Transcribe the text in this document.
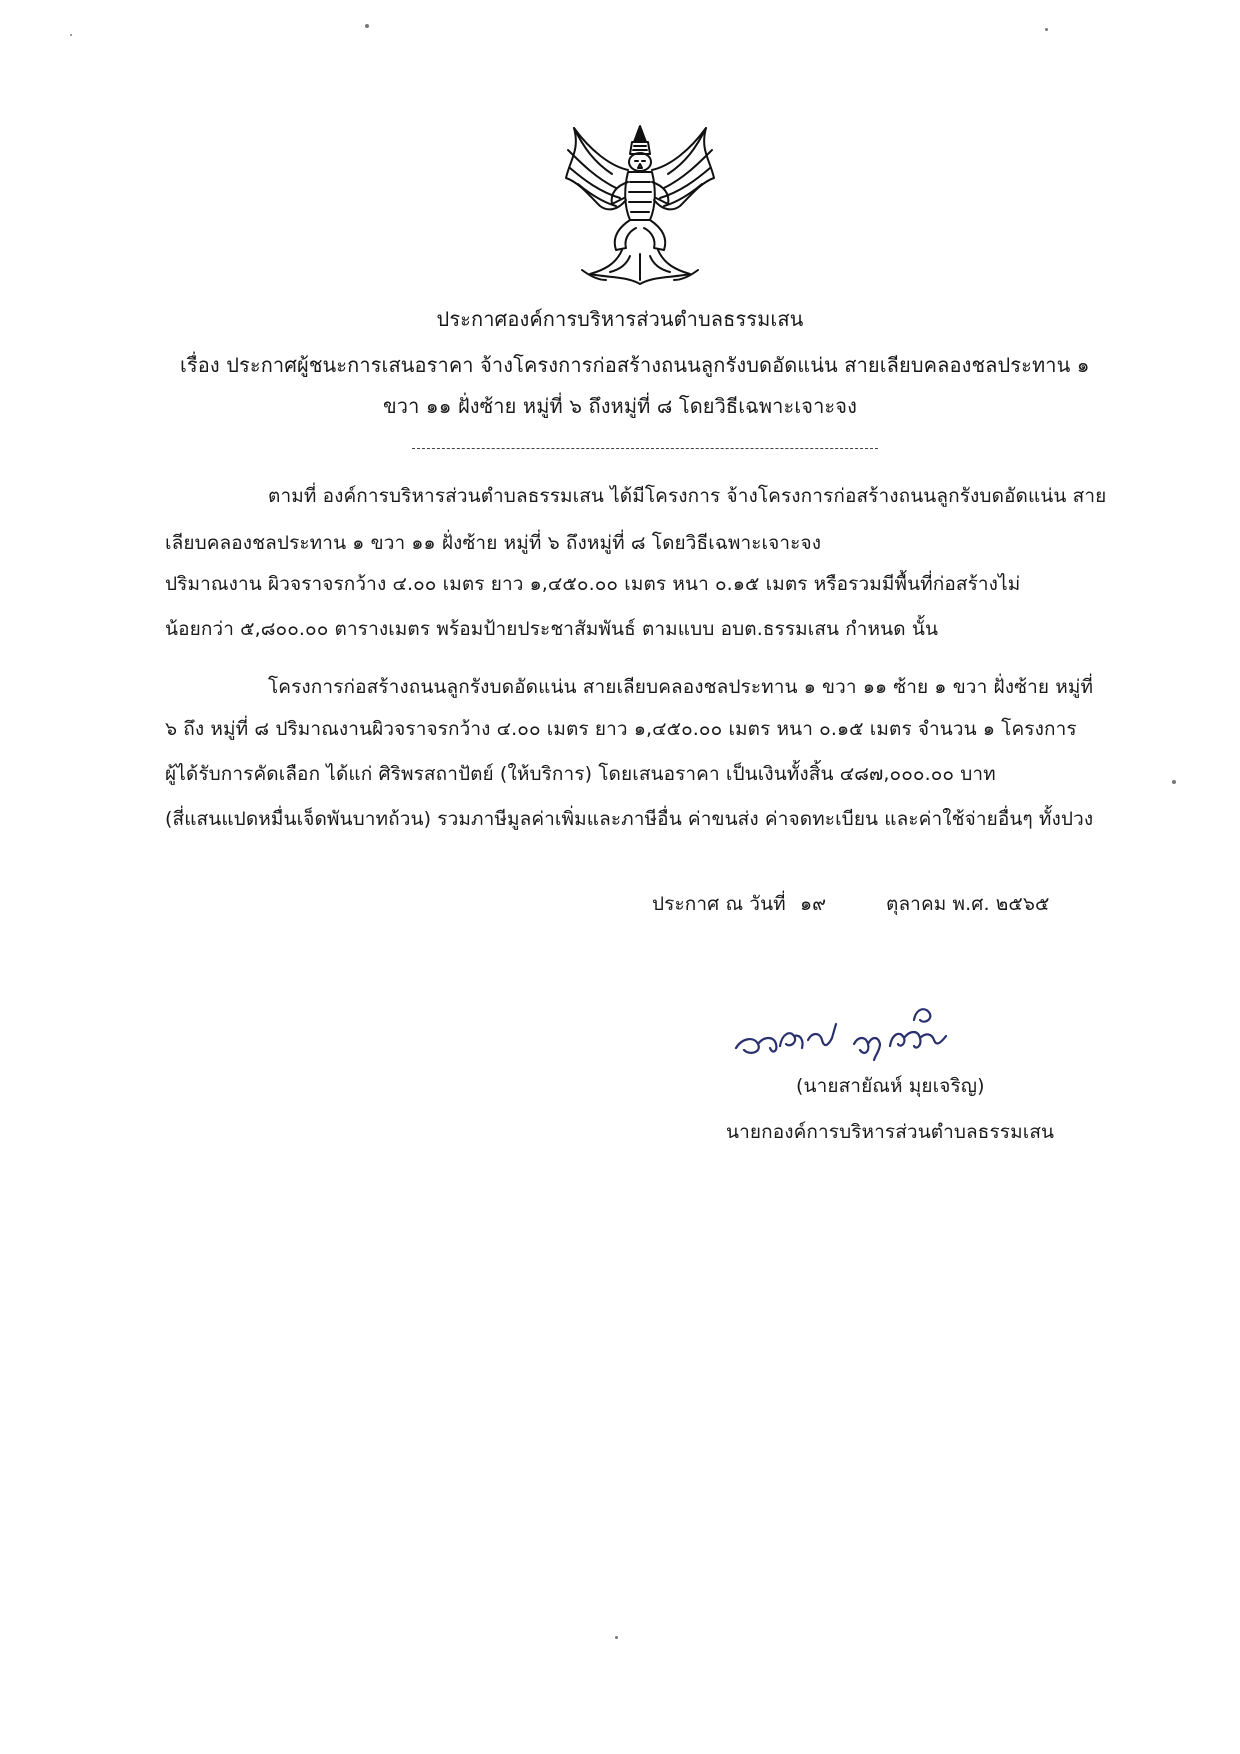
ประกาศองค์การบริหารส่วนตำบลธรรมเสน
เรื่อง ประกาศผู้ชนะการเสนอราคา จ้างโครงการก่อสร้างถนนลูกรังบดอัดแน่น สายเลียบคลองชลประทาน ๑
ขวา ๑๑ ฝั่งซ้าย หมู่ที่ ๖ ถึงหมู่ที่ ๘ โดยวิธีเฉพาะเจาะจง
ตามที่ องค์การบริหารส่วนตำบลธรรมเสน ได้มีโครงการ จ้างโครงการก่อสร้างถนนลูกรังบดอัดแน่น สาย
เลียบคลองชลประทาน ๑ ขวา ๑๑ ฝั่งซ้าย หมู่ที่ ๖ ถึงหมู่ที่ ๘ โดยวิธีเฉพาะเจาะจง
ปริมาณงาน ผิวจราจรกว้าง ๔.๐๐ เมตร ยาว ๑,๔๕๐.๐๐ เมตร หนา ๐.๑๕ เมตร หรือรวมมีพื้นที่ก่อสร้างไม่
น้อยกว่า ๕,๘๐๐.๐๐ ตารางเมตร พร้อมป้ายประชาสัมพันธ์ ตามแบบ อบต.ธรรมเสน กำหนด นั้น
โครงการก่อสร้างถนนลูกรังบดอัดแน่น สายเลียบคลองชลประทาน ๑ ขวา ๑๑ ซ้าย ๑ ขวา ฝั่งซ้าย หมู่ที่
๖ ถึง หมู่ที่ ๘ ปริมาณงานผิวจราจรกว้าง ๔.๐๐ เมตร ยาว ๑,๔๕๐.๐๐ เมตร หนา ๐.๑๕ เมตร จำนวน ๑ โครงการ
ผู้ได้รับการคัดเลือก ได้แก่ ศิริพรสถาปัตย์ (ให้บริการ) โดยเสนอราคา เป็นเงินทั้งสิ้น ๔๘๗,๐๐๐.๐๐ บาท
(สี่แสนแปดหมื่นเจ็ดพันบาทถ้วน) รวมภาษีมูลค่าเพิ่มและภาษีอื่น ค่าขนส่ง ค่าจดทะเบียน และค่าใช้จ่ายอื่นๆ ทั้งปวง
ประกาศ ณ วันที่ ๑๙	ตุลาคม พ.ศ. ๒๕๖๕
(นายสายัณห์ มุยเจริญ)
นายกองค์การบริหารส่วนตำบลธรรมเสน
